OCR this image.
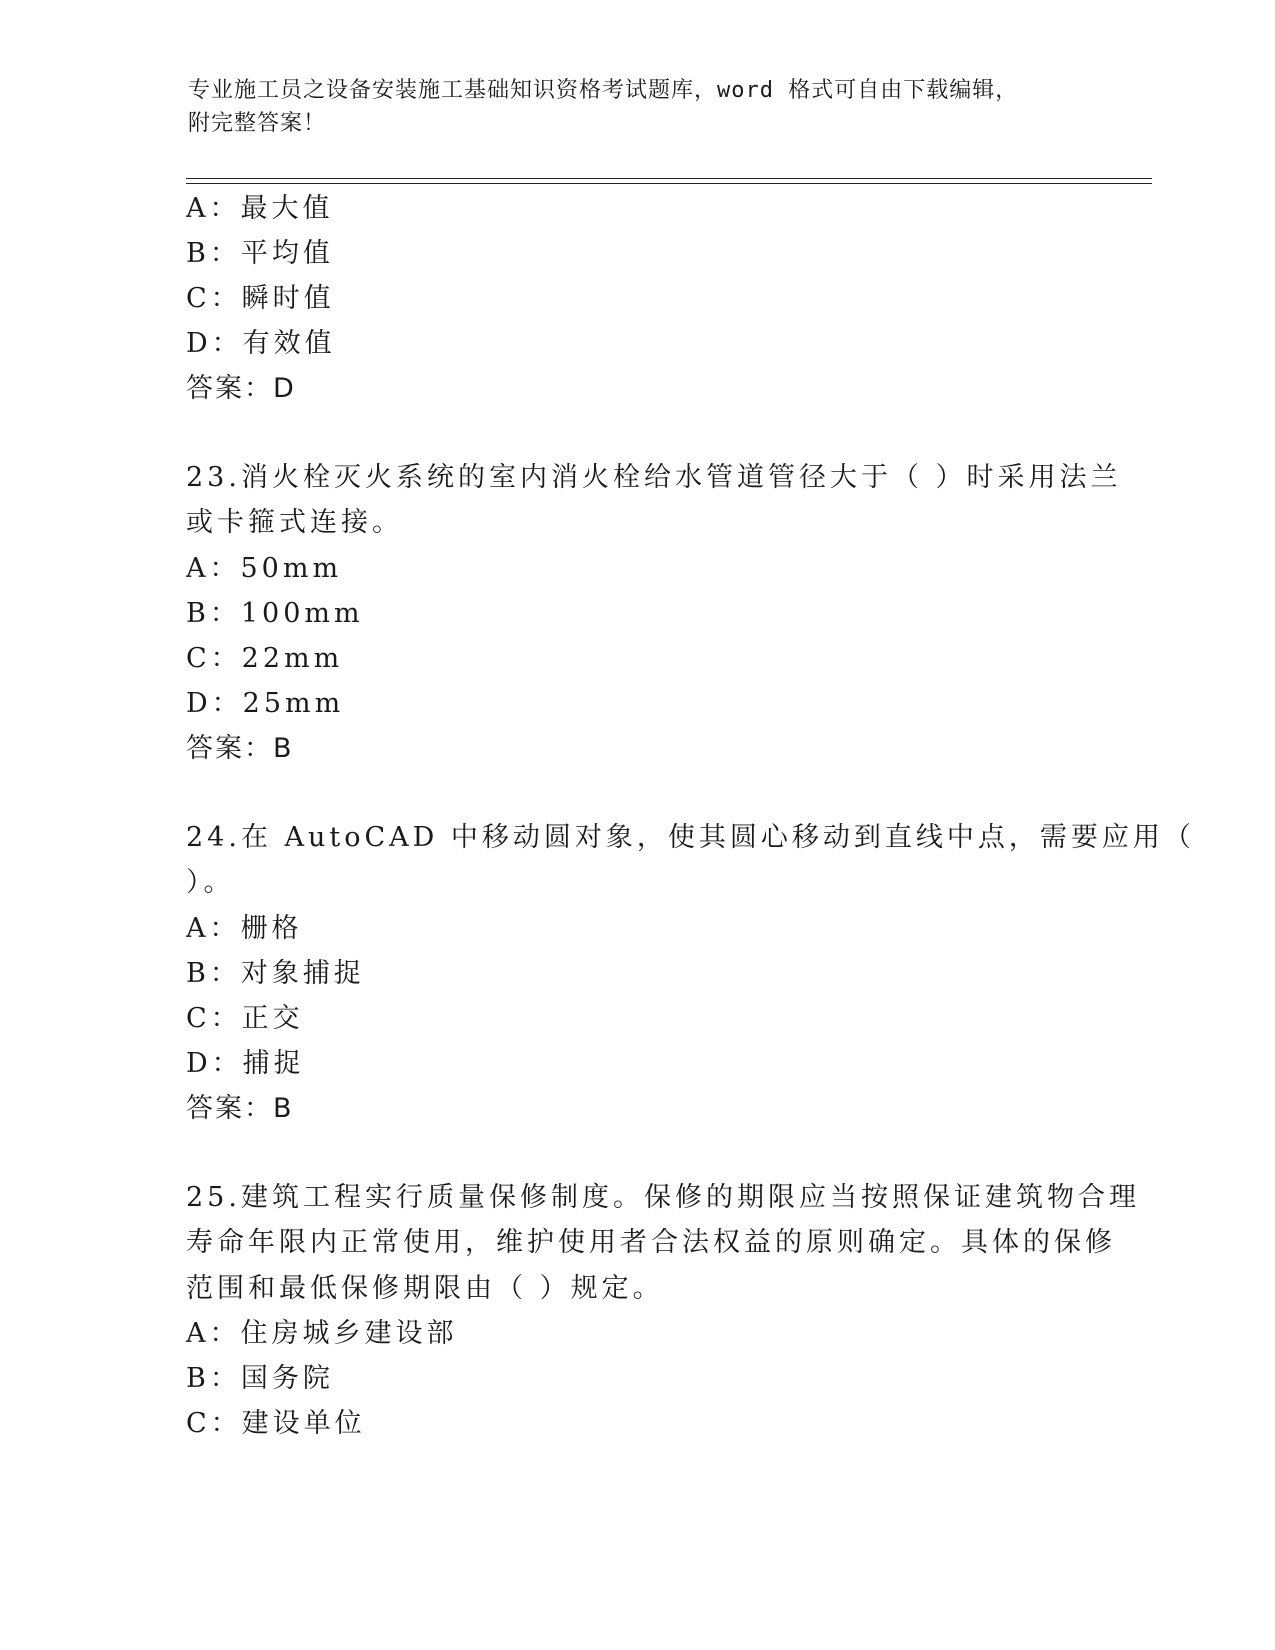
专业施工员之设备安装施工基础知识资格考试题库，word 格式可自由下载编辑，
附完整答案！
A：最大值
B：平均值
C：瞬时值
D：有效值
答案：D
23.消火栓灭火系统的室内消火栓给水管道管径大于（ ）时采用法兰
或卡箍式连接。
A：50mm
B：100mm
C：22mm
D：25mm
答案：B
24.在 AutoCAD 中移动圆对象，使其圆心移动到直线中点，需要应用（
）。
A：栅格
B：对象捕捉
C：正交
D：捕捉
答案：B
25.建筑工程实行质量保修制度。保修的期限应当按照保证建筑物合理
寿命年限内正常使用，维护使用者合法权益的原则确定。具体的保修
范围和最低保修期限由（ ）规定。
A：住房城乡建设部
B：国务院
C：建设单位
